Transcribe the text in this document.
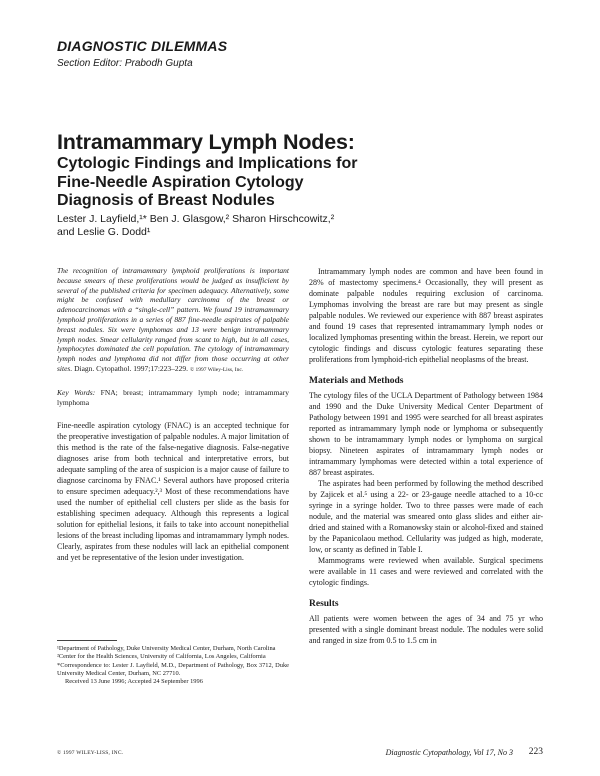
DIAGNOSTIC DILEMMAS
Section Editor: Prabodh Gupta
Intramammary Lymph Nodes:
Cytologic Findings and Implications for
Fine-Needle Aspiration Cytology
Diagnosis of Breast Nodules
Lester J. Layfield,¹* Ben J. Glasgow,² Sharon Hirschcowitz,²
and Leslie G. Dodd¹
The recognition of intramammary lymphoid proliferations is important because smears of these proliferations would be judged as insufficient by several of the published criteria for specimen adequacy. Alternatively, some might be confused with medullary carcinoma of the breast or adenocarcinomas with a “single-cell” pattern. We found 19 intramammary lymphoid proliferations in a series of 887 fine-needle aspirates of palpable breast nodules. Six were lymphomas and 13 were benign intramammary lymph nodes. Smear cellularity ranged from scant to high, but in all cases, lymphocytes dominated the cell population. The cytology of intramammary lymph nodes and lymphoma did not differ from those occurring at other sites. Diagn. Cytopathol. 1997;17:223–229. © 1997 Wiley-Liss, Inc.
Key Words: FNA; breast; intramammary lymph node; intramammary lymphoma

Fine-needle aspiration cytology (FNAC) is an accepted technique for the preoperative investigation of palpable nodules. A major limitation of this method is the rate of the false-negative diagnosis. False-negative diagnoses arise from both technical and interpretative errors, but adequate sampling of the area of suspicion is a major cause of failure to diagnose carcinoma by FNAC.¹ Several authors have proposed criteria to ensure specimen adequacy.²,³ Most of these recommendations have used the number of epithelial cell clusters per slide as the basis for establishing specimen adequacy. Although this represents a logical solution for epithelial lesions, it fails to take into account nonepithelial lesions of the breast including lipomas and intramammary lymph nodes. Clearly, aspirates from these nodules will lack an epithelial component and yet be representative of the lesion under investigation.

Intramammary lymph nodes are common and have been found in 28% of mastectomy specimens.⁴ Occasionally, they will present as dominate palpable nodules requiring exclusion of carcinoma. Lymphomas involving the breast are rare but may present as single palpable nodules. We reviewed our experience with 887 breast aspirates and found 19 cases that represented intramammary lymph nodes or localized lymphomas presenting within the breast. Herein, we report our cytologic findings and discuss cytologic features separating these proliferations from lymphoid-rich epithelial neoplasms of the breast.

Materials and Methods

The cytology files of the UCLA Department of Pathology between 1984 and 1990 and the Duke University Medical Center Department of Pathology between 1991 and 1995 were searched for all breast aspirates reported as intramammary lymph node or lymphoma or subsequently shown to be intramammary lymph nodes or lymphoma on surgical biopsy. Nineteen aspirates of intramammary lymph nodes or intramammary lymphomas were detected within a total experience of 887 breast aspirates.

The aspirates had been performed by following the method described by Zajicek et al.⁵ using a 22- or 23-gauge needle attached to a 10-cc syringe in a syringe holder. Two to three passes were made of each nodule, and the material was smeared onto glass slides and either air-dried and stained with a Romanowsky stain or alcohol-fixed and stained by the Papanicolaou method. Cellularity was judged as high, moderate, low, or scanty as defined in Table I.

Mammograms were reviewed when available. Surgical specimens were available in 11 cases and were reviewed and correlated with the cytologic findings.

Results

All patients were women between the ages of 34 and 75 yr who presented with a single dominant breast nodule. The nodules were solid and ranged in size from 0.5 to 1.5 cm in

¹Department of Pathology, Duke University Medical Center, Durham, North Carolina
²Center for the Health Sciences, University of California, Los Angeles, California
*Correspondence to: Lester J. Layfield, M.D., Department of Pathology, Box 3712, Duke University Medical Center, Durham, NC 27710.
Received 13 June 1996; Accepted 24 September 1996
© 1997 WILEY-LISS, INC.	Diagnostic Cytopathology, Vol 17, No 3 223
